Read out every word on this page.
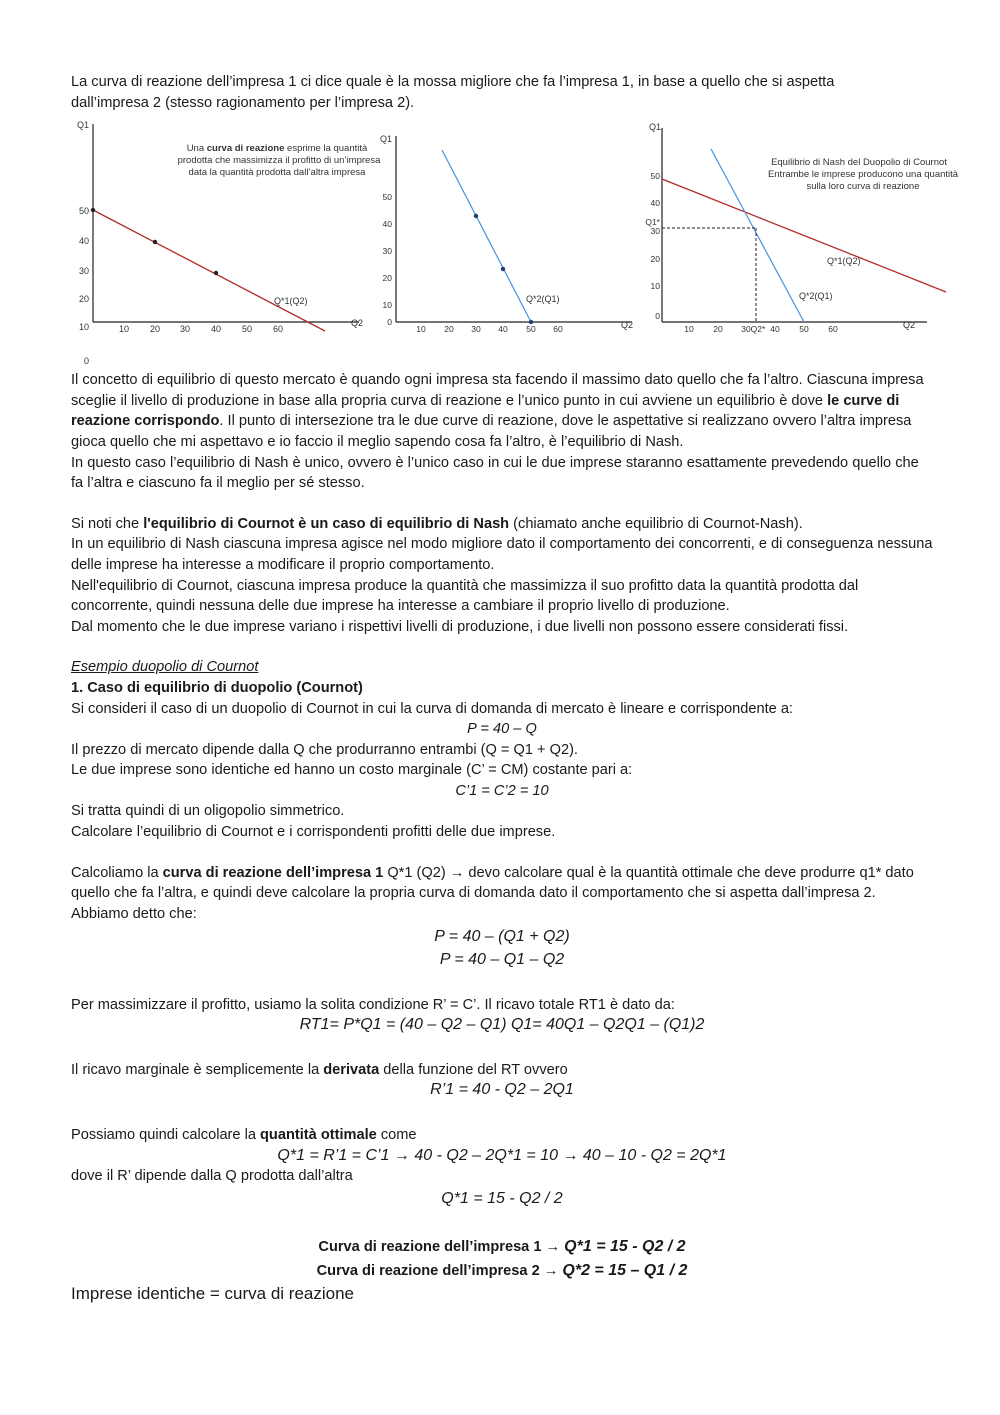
La curva di reazione dell’impresa 1 ci dice quale è la mossa migliore che fa l’impresa 1, in base a quello che si aspetta

dall’impresa 2 (stesso ragionamento per l’impresa 2).

Q1
Q2
50
40
30
20
10
0
10 20 30 40 50 60
Una curva di reazione esprime la quantità
prodotta che massimizza il profitto di un’impresa
data la quantità prodotta dall’altra impresa
Q*1(Q2)
Q1
Q2
50
40
30
20
10
0
10 20 30 40 50 60
Q*2(Q1)
Q1
Q2
50
40
Q1*
30
20
10
0
10 20 30 Q2* 40 50 60
Equilibrio di Nash del Duopolio di Cournot
Entrambe le imprese producono una quantità
sulla loro curva di reazione
Q*1(Q2)
Q*2(Q1)

Il concetto di equilibrio di questo mercato è quando ogni impresa sta facendo il massimo dato quello che fa l’altro. Ciascuna impresa sceglie il livello di produzione in base alla propria curva di reazione e l’unico punto in cui avviene un equilibrio è dove le curve di reazione corrispondo. Il punto di intersezione tra le due curve di reazione, dove le aspettative si realizzano ovvero l’altra impresa gioca quello che mi aspettavo e io faccio il meglio sapendo cosa fa l’altro, è l’equilibrio di Nash.

In questo caso l’equilibrio di Nash è unico, ovvero è l’unico caso in cui le due imprese staranno esattamente prevedendo quello che fa l’altra e ciascuno fa il meglio per sé stesso.

Si noti che l'equilibrio di Cournot è un caso di equilibrio di Nash (chiamato anche equilibrio di Cournot-Nash).

In un equilibrio di Nash ciascuna impresa agisce nel modo migliore dato il comportamento dei concorrenti, e di conseguenza nessuna delle imprese ha interesse a modificare il proprio comportamento.

Nell'equilibrio di Cournot, ciascuna impresa produce la quantità che massimizza il suo profitto data la quantità prodotta dal concorrente, quindi nessuna delle due imprese ha interesse a cambiare il proprio livello di produzione.

Dal momento che le due imprese variano i rispettivi livelli di produzione, i due livelli non possono essere considerati fissi.

Esempio duopolio di Cournot

1. Caso di equilibrio di duopolio (Cournot)

Si consideri il caso di un duopolio di Cournot in cui la curva di domanda di mercato è lineare e corrispondente a:

P = 40 – Q

Il prezzo di mercato dipende dalla Q che produrranno entrambi (Q = Q1 + Q2).

Le due imprese sono identiche ed hanno un costo marginale (C’ = CM) costante pari a:

C’1 = C’2 = 10

Si tratta quindi di un oligopolio simmetrico.

Calcolare l’equilibrio di Cournot e i corrispondenti profitti delle due imprese.

Calcoliamo la curva di reazione dell’impresa 1 Q*1 (Q2) → devo calcolare qual è la quantità ottimale che deve produrre q1* dato quello che fa l’altra, e quindi deve calcolare la propria curva di domanda dato il comportamento che si aspetta dall’impresa 2.

Abbiamo detto che:

P = 40 – (Q1 + Q2)

P = 40 – Q1 – Q2

Per massimizzare il profitto, usiamo la solita condizione R’ = C’. Il ricavo totale RT1 è dato da:

RT1= P*Q1 = (40 – Q2 – Q1) Q1= 40Q1 – Q2Q1 – (Q1)2

Il ricavo marginale è semplicemente la derivata della funzione del RT ovvero

R’1 = 40 - Q2 – 2Q1

Possiamo quindi calcolare la quantità ottimale come

Q*1 = R’1 = C’1 → 40 - Q2 – 2Q*1 = 10 → 40 – 10 - Q2 = 2Q*1

dove il R’ dipende dalla Q prodotta dall’altra

Q*1 = 15 - Q2 / 2

Curva di reazione dell’impresa 1 → Q*1 = 15 - Q2 / 2

Curva di reazione dell’impresa 2 → Q*2 = 15 – Q1 / 2

Imprese identiche = curva di reazione
